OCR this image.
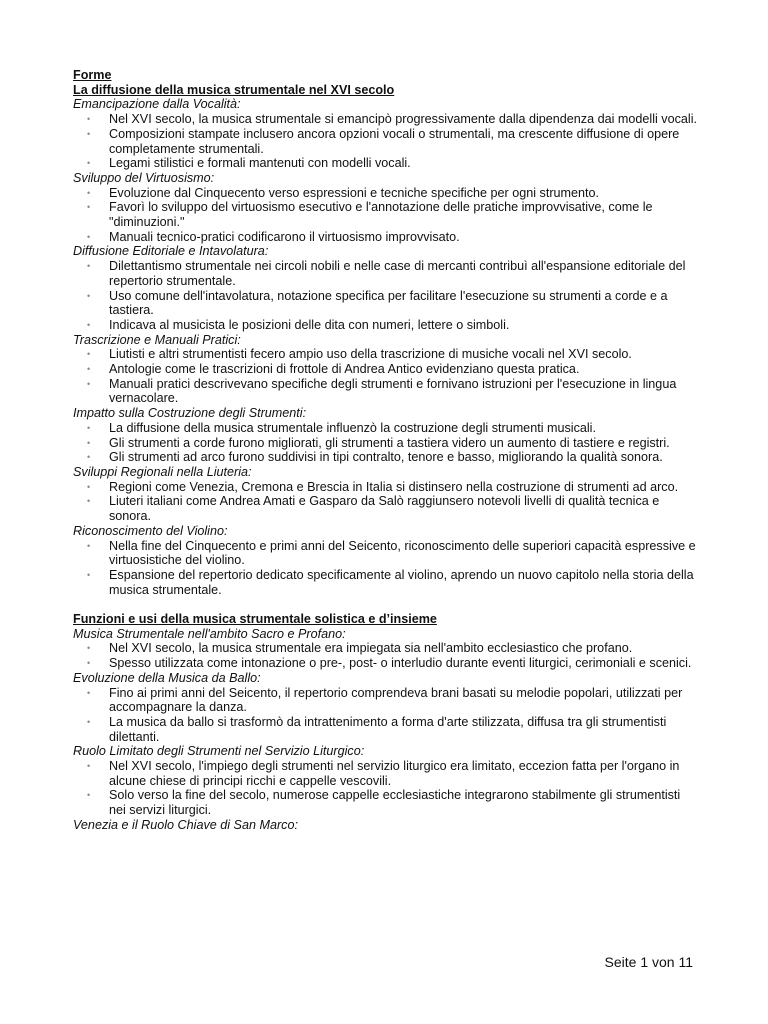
Forme
La diffusione della musica strumentale nel XVI secolo
Emancipazione dalla Vocalità:
• Nel XVI secolo, la musica strumentale si emancipò progressivamente dalla dipendenza dai modelli vocali.
• Composizioni stampate inclusero ancora opzioni vocali o strumentali, ma crescente diffusione di opere completamente strumentali.
• Legami stilistici e formali mantenuti con modelli vocali.
Sviluppo del Virtuosismo:
• Evoluzione dal Cinquecento verso espressioni e tecniche specifiche per ogni strumento.
• Favorì lo sviluppo del virtuosismo esecutivo e l'annotazione delle pratiche improvvisative, come le "diminuzioni."
• Manuali tecnico-pratici codificarono il virtuosismo improvvisato.
Diffusione Editoriale e Intavolatura:
• Dilettantismo strumentale nei circoli nobili e nelle case di mercanti contribuì all'espansione editoriale del repertorio strumentale.
• Uso comune dell'intavolatura, notazione specifica per facilitare l'esecuzione su strumenti a corde e a tastiera.
• Indicava al musicista le posizioni delle dita con numeri, lettere o simboli.
Trascrizione e Manuali Pratici:
• Liutisti e altri strumentisti fecero ampio uso della trascrizione di musiche vocali nel XVI secolo.
• Antologie come le trascrizioni di frottole di Andrea Antico evidenziano questa pratica.
• Manuali pratici descrivevano specifiche degli strumenti e fornivano istruzioni per l'esecuzione in lingua vernacolare.
Impatto sulla Costruzione degli Strumenti:
• La diffusione della musica strumentale influenzò la costruzione degli strumenti musicali.
• Gli strumenti a corde furono migliorati, gli strumenti a tastiera videro un aumento di tastiere e registri.
• Gli strumenti ad arco furono suddivisi in tipi contralto, tenore e basso, migliorando la qualità sonora.
Sviluppi Regionali nella Liuteria:
• Regioni come Venezia, Cremona e Brescia in Italia si distinsero nella costruzione di strumenti ad arco.
• Liuteri italiani come Andrea Amati e Gasparo da Salò raggiunsero notevoli livelli di qualità tecnica e sonora.
Riconoscimento del Violino:
• Nella fine del Cinquecento e primi anni del Seicento, riconoscimento delle superiori capacità espressive e virtuosistiche del violino.
• Espansione del repertorio dedicato specificamente al violino, aprendo un nuovo capitolo nella storia della musica strumentale.
Funzioni e usi della musica strumentale solistica e d’insieme
Musica Strumentale nell'ambito Sacro e Profano:
• Nel XVI secolo, la musica strumentale era impiegata sia nell'ambito ecclesiastico che profano.
• Spesso utilizzata come intonazione o pre-, post- o interludio durante eventi liturgici, cerimoniali e scenici.
Evoluzione della Musica da Ballo:
• Fino ai primi anni del Seicento, il repertorio comprendeva brani basati su melodie popolari, utilizzati per accompagnare la danza.
• La musica da ballo si trasformò da intrattenimento a forma d'arte stilizzata, diffusa tra gli strumentisti dilettanti.
Ruolo Limitato degli Strumenti nel Servizio Liturgico:
• Nel XVI secolo, l'impiego degli strumenti nel servizio liturgico era limitato, eccezion fatta per l'organo in alcune chiese di principi ricchi e cappelle vescovili.
• Solo verso la fine del secolo, numerose cappelle ecclesiastiche integrarono stabilmente gli strumentisti nei servizi liturgici.
Venezia e il Ruolo Chiave di San Marco:
Seite 1 von 11
